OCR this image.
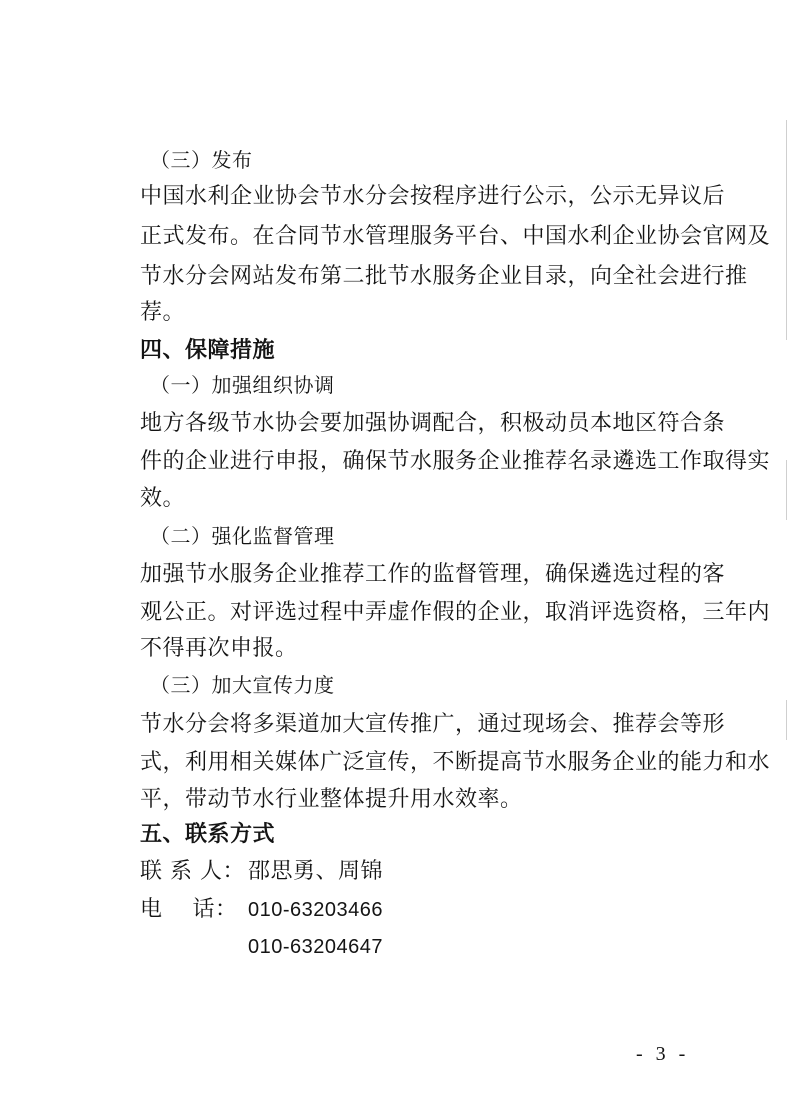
（三）发布
中国水利企业协会节水分会按程序进行公示，公示无异议后
正式发布。在合同节水管理服务平台、中国水利企业协会官网及
节水分会网站发布第二批节水服务企业目录，向全社会进行推
荐。
四、保障措施
（一）加强组织协调
地方各级节水协会要加强协调配合，积极动员本地区符合条
件的企业进行申报，确保节水服务企业推荐名录遴选工作取得实
效。
（二）强化监督管理
加强节水服务企业推荐工作的监督管理，确保遴选过程的客
观公正。对评选过程中弄虚作假的企业，取消评选资格，三年内
不得再次申报。
（三）加大宣传力度
节水分会将多渠道加大宣传推广，通过现场会、推荐会等形
式，利用相关媒体广泛宣传，不断提高节水服务企业的能力和水
平，带动节水行业整体提升用水效率。
五、联系方式
联 系 人： 邵思勇、周锦
电    话： 010-63203466
010-63204647
- 3 -
